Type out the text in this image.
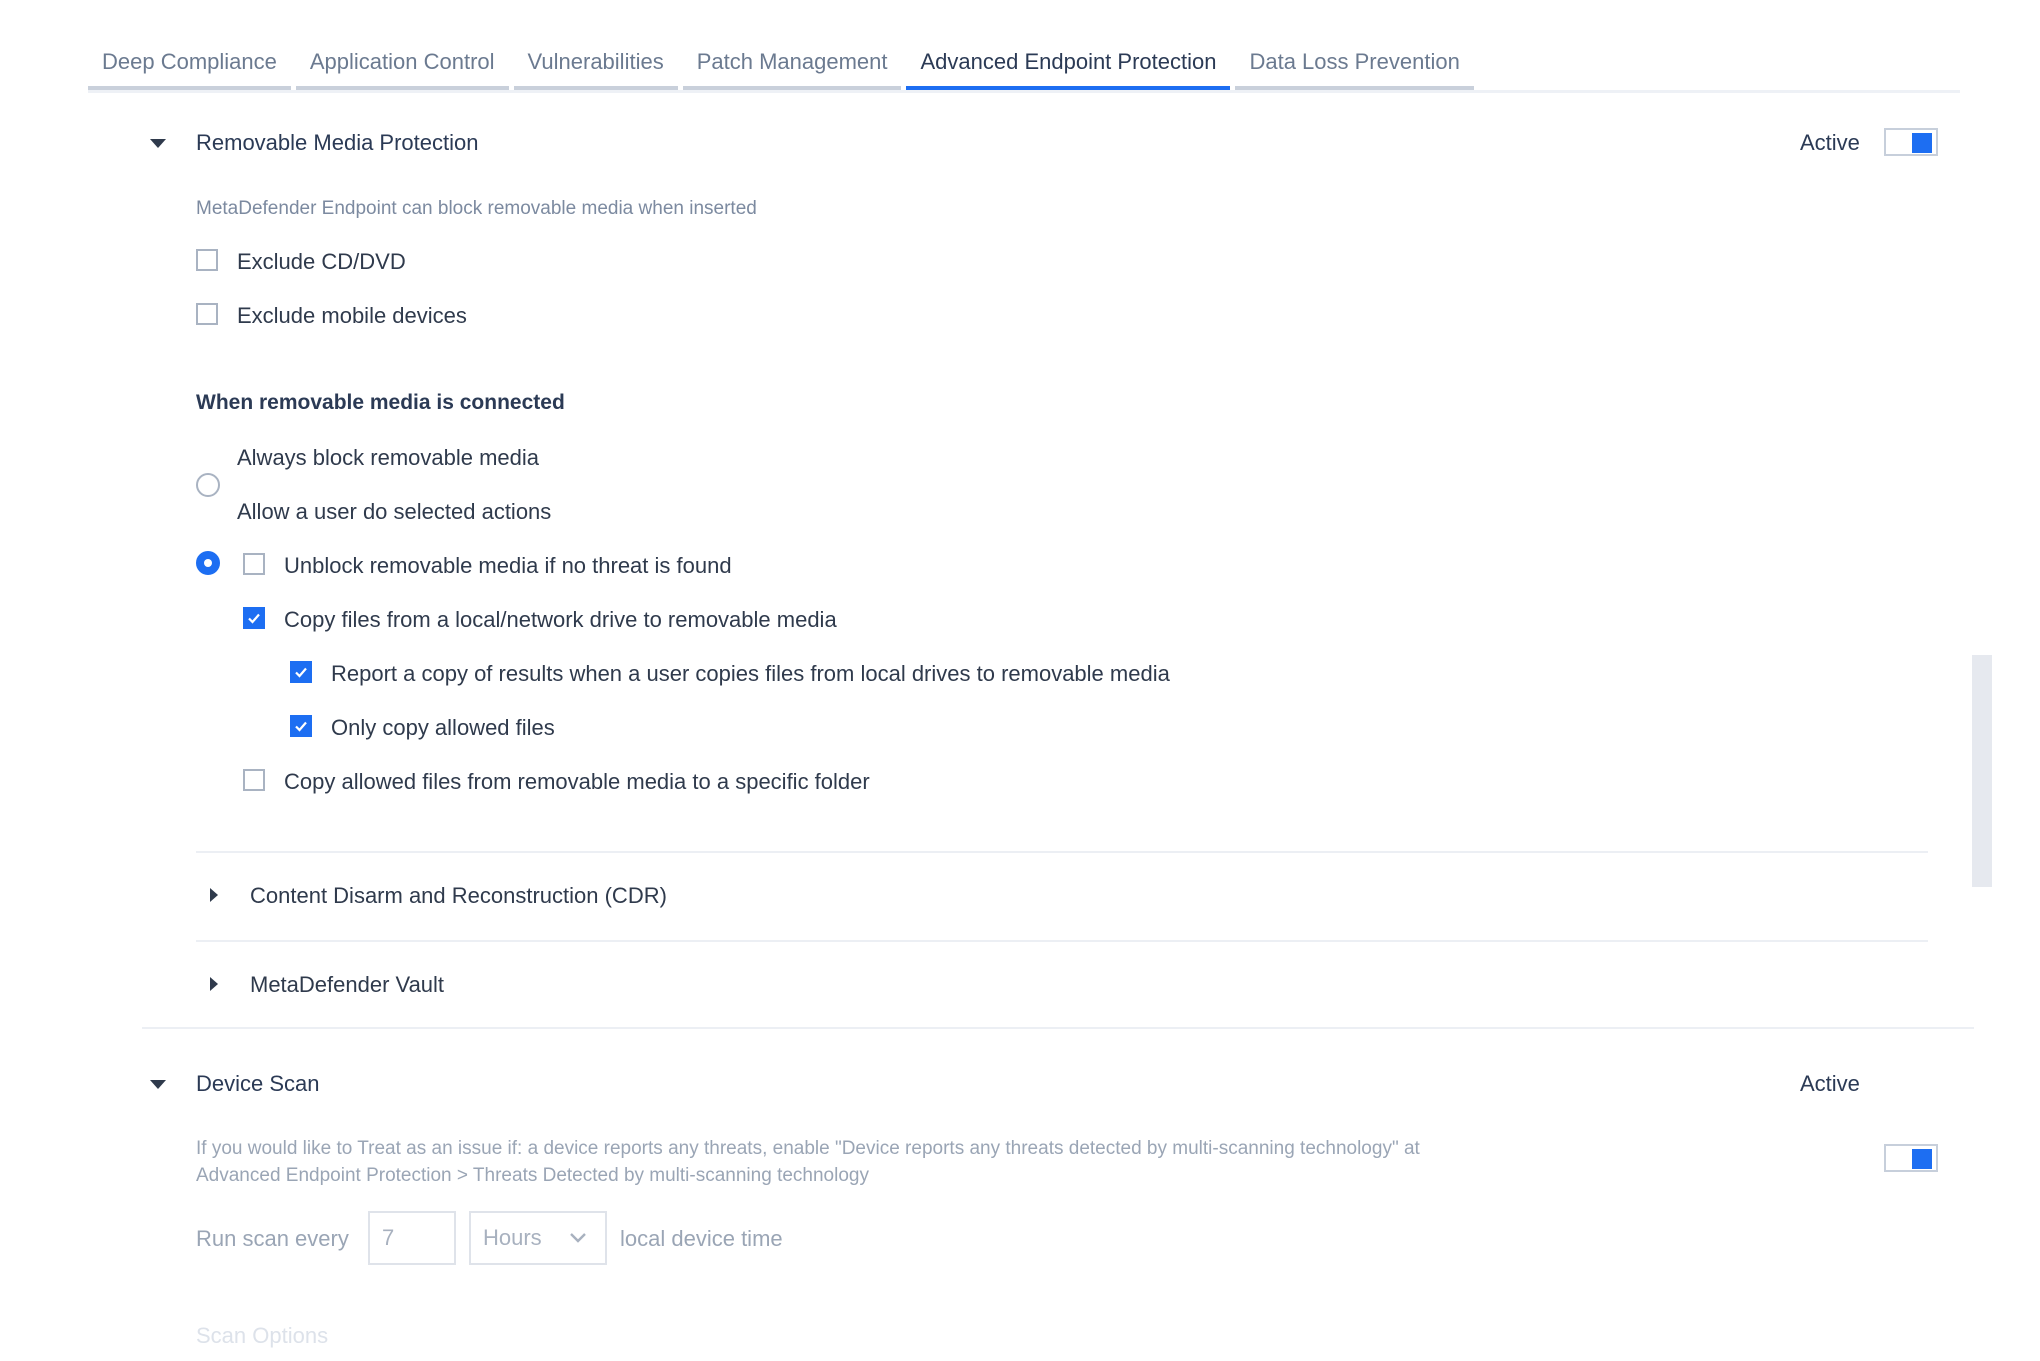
Deep Compliance	Application Control	Vulnerabilities	Patch Management	Advanced Endpoint Protection	Data Loss Prevention
Removable Media Protection	Active
MetaDefender Endpoint can block removable media when inserted
Exclude CD/DVD
Exclude mobile devices
When removable media is connected
Always block removable media
Allow a user do selected actions
Unblock removable media if no threat is found
Copy files from a local/network drive to removable media
Report a copy of results when a user copies files from local drives to removable media
Only copy allowed files
Copy allowed files from removable media to a specific folder
Content Disarm and Reconstruction (CDR)
MetaDefender Vault
Device Scan	Active
If you would like to Treat as an issue if: a device reports any threats, enable "Device reports any threats detected by multi-scanning technology" at
Advanced Endpoint Protection > Threats Detected by multi-scanning technology
Run scan every	7	Hours	local device time
Scan Options
